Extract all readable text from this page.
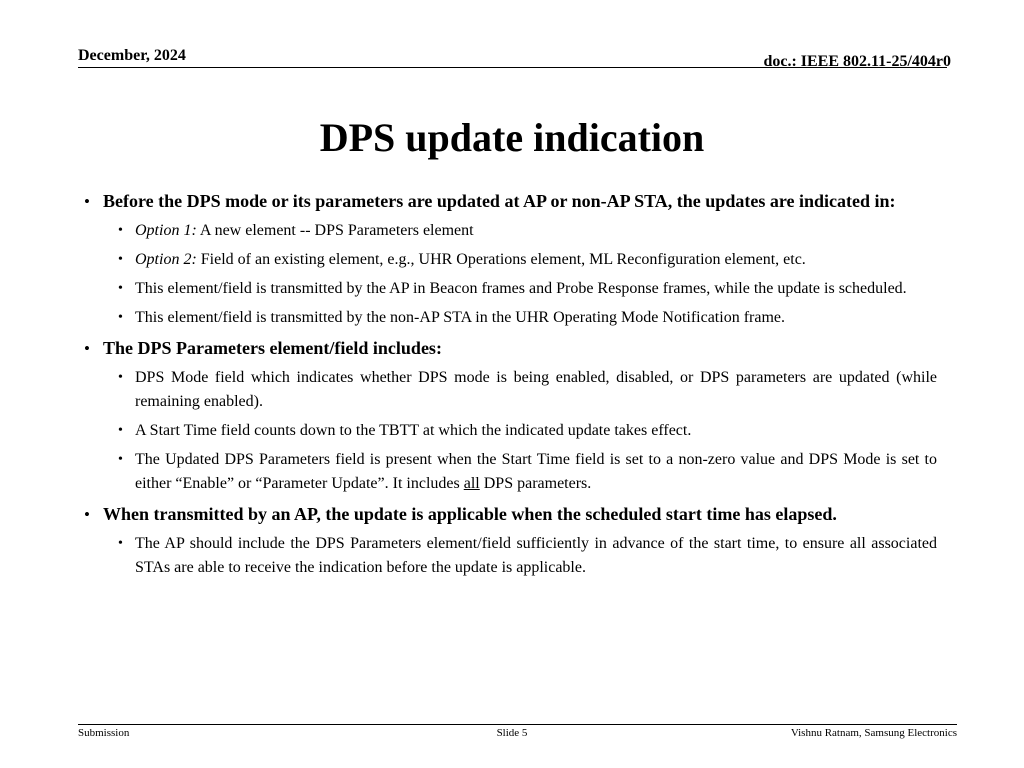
December, 2024	doc.: IEEE 802.11-25/404r0
DPS update indication
• Before the DPS mode or its parameters are updated at AP or non-AP STA, the updates are indicated in:
• Option 1: A new element -- DPS Parameters element
• Option 2: Field of an existing element, e.g., UHR Operations element, ML Reconfiguration element, etc.
• This element/field is transmitted by the AP in Beacon frames and Probe Response frames, while the update is scheduled.
• This element/field is transmitted by the non-AP STA in the UHR Operating Mode Notification frame.
• The DPS Parameters element/field includes:
• DPS Mode field which indicates whether DPS mode is being enabled, disabled, or DPS parameters are updated (while remaining enabled).
• A Start Time field counts down to the TBTT at which the indicated update takes effect.
• The Updated DPS Parameters field is present when the Start Time field is set to a non-zero value and DPS Mode is set to either “Enable” or “Parameter Update”. It includes all DPS parameters.
• When transmitted by an AP, the update is applicable when the scheduled start time has elapsed.
• The AP should include the DPS Parameters element/field sufficiently in advance of the start time, to ensure all associated STAs are able to receive the indication before the update is applicable.
Submission	Slide 5	Vishnu Ratnam, Samsung Electronics
